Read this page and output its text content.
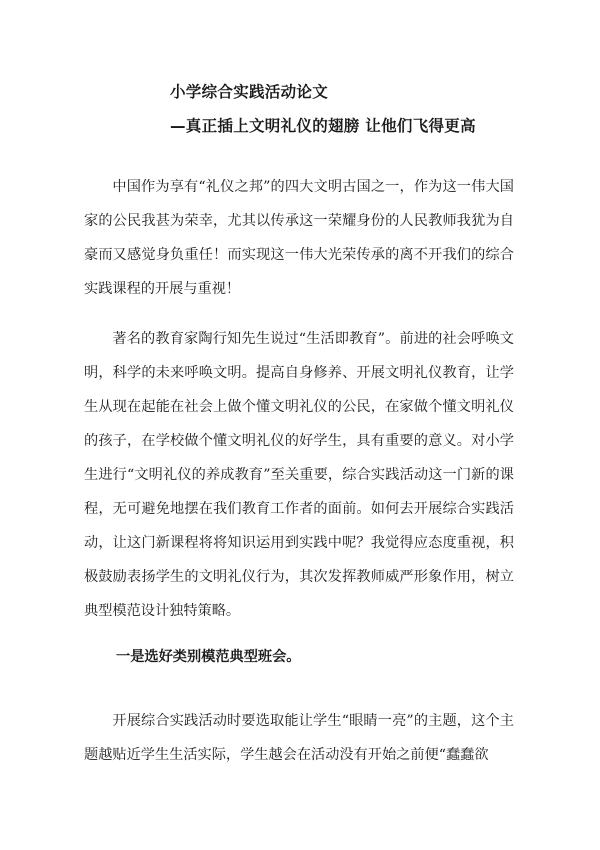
小学综合实践活动论文
—真正插上文明礼仪的翅膀 让他们飞得更高

中国作为享有“礼仪之邦”的四大文明古国之一，作为这一伟大国家的公民我甚为荣幸，尤其以传承这一荣耀身份的人民教师我犹为自豪而又感觉身负重任！而实现这一伟大光荣传承的离不开我们的综合实践课程的开展与重视！

著名的教育家陶行知先生说过“生活即教育”。前进的社会呼唤文明，科学的未来呼唤文明。提高自身修养、开展文明礼仪教育，让学生从现在起能在社会上做个懂文明礼仪的公民，在家做个懂文明礼仪的孩子，在学校做个懂文明礼仪的好学生，具有重要的意义。对小学生进行“文明礼仪的养成教育”至关重要，综合实践活动这一门新的课程，无可避免地摆在我们教育工作者的面前。如何去开展综合实践活动，让这门新课程将将知识运用到实践中呢？我觉得应态度重视，积极鼓励表扬学生的文明礼仪行为，其次发挥教师威严形象作用，树立典型模范设计独特策略。

一是选好类别模范典型班会。

开展综合实践活动时要选取能让学生“眼睛一亮”的主题，这个主题越贴近学生生活实际，学生越会在活动没有开始之前便“蠢蠢欲
